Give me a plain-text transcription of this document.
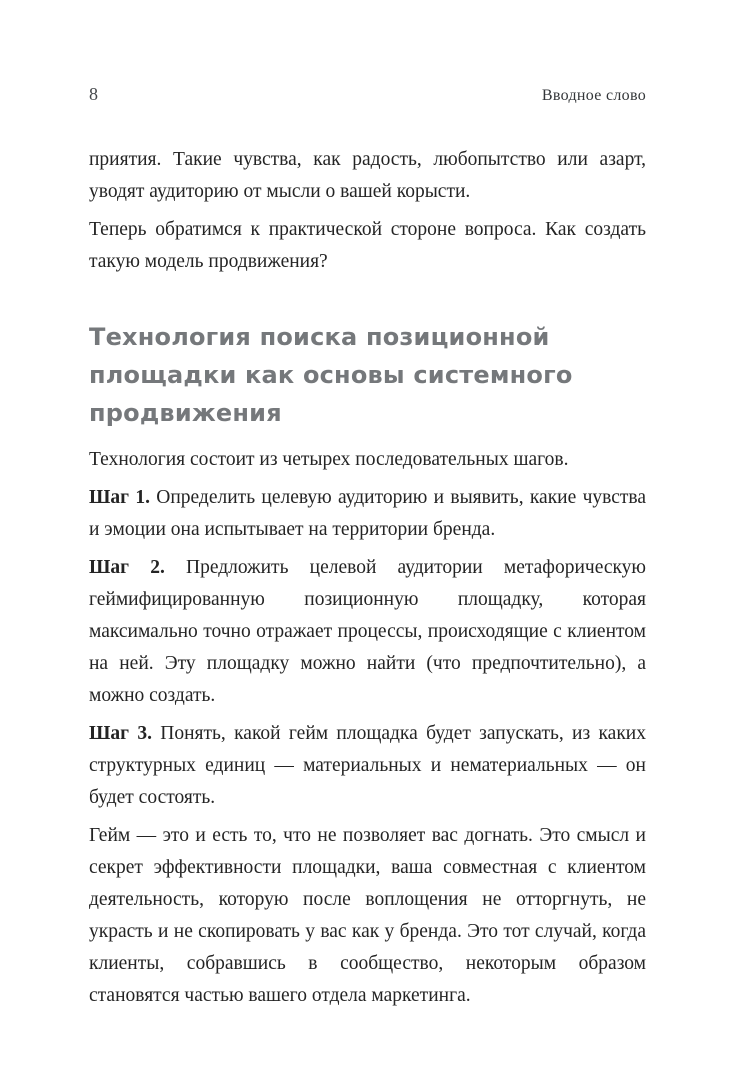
8	Вводное слово

приятия. Такие чувства, как радость, любопытство или азарт, уводят аудиторию от мысли о вашей корысти.

Теперь обратимся к практической стороне вопроса. Как создать такую модель продвижения?

Технология поиска позиционной площадки как основы системного продвижения

Технология состоит из четырех последовательных шагов.

Шаг 1. Определить целевую аудиторию и выявить, какие чувства и эмоции она испытывает на территории бренда.

Шаг 2. Предложить целевой аудитории метафорическую геймифицированную позиционную площадку, которая максимально точно отражает процессы, происходящие с клиентом на ней. Эту площадку можно найти (что предпочтительно), а можно создать.

Шаг 3. Понять, какой гейм площадка будет запускать, из каких структурных единиц — материальных и нематериальных — он будет состоять.

Гейм — это и есть то, что не позволяет вас догнать. Это смысл и секрет эффективности площадки, ваша совместная с клиентом деятельность, которую после воплощения не отторгнуть, не украсть и не скопировать у вас как у бренда. Это тот случай, когда клиенты, собравшись в сообщество, некоторым образом становятся частью вашего отдела маркетинга.
